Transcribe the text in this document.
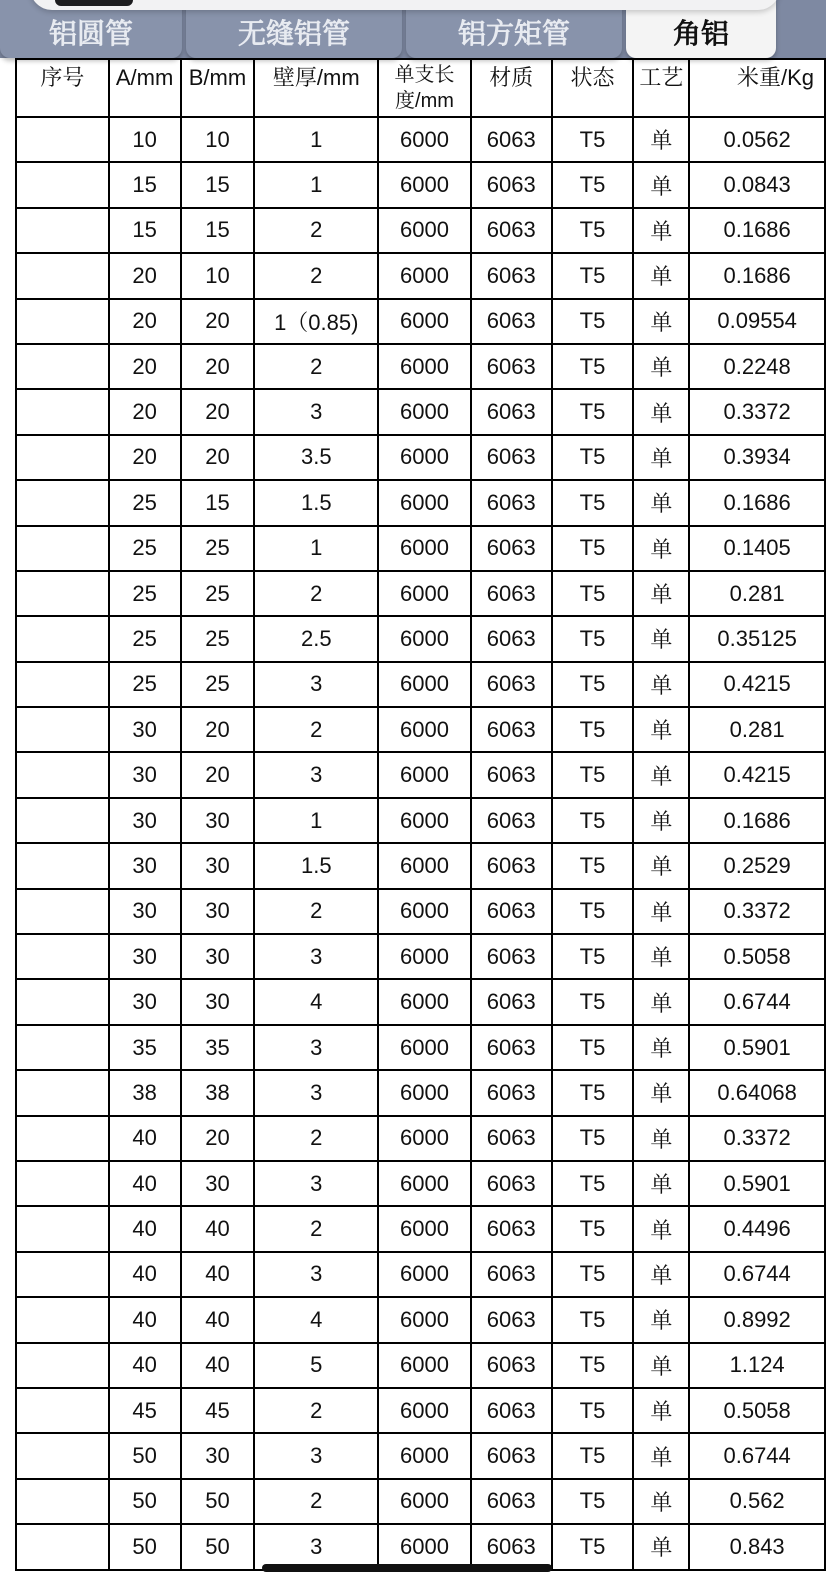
铝圆管	无缝铝管	铝方矩管	角铝
序号	A/mm	B/mm	壁厚/mm	单支长度/mm	材质	状态	工艺	米重/Kg
	10	10	1	6000	6063	T5	单	0.0562
	15	15	1	6000	6063	T5	单	0.0843
	15	15	2	6000	6063	T5	单	0.1686
	20	10	2	6000	6063	T5	单	0.1686
	20	20	1（0.85)	6000	6063	T5	单	0.09554
	20	20	2	6000	6063	T5	单	0.2248
	20	20	3	6000	6063	T5	单	0.3372
	20	20	3.5	6000	6063	T5	单	0.3934
	25	15	1.5	6000	6063	T5	单	0.1686
	25	25	1	6000	6063	T5	单	0.1405
	25	25	2	6000	6063	T5	单	0.281
	25	25	2.5	6000	6063	T5	单	0.35125
	25	25	3	6000	6063	T5	单	0.4215
	30	20	2	6000	6063	T5	单	0.281
	30	20	3	6000	6063	T5	单	0.4215
	30	30	1	6000	6063	T5	单	0.1686
	30	30	1.5	6000	6063	T5	单	0.2529
	30	30	2	6000	6063	T5	单	0.3372
	30	30	3	6000	6063	T5	单	0.5058
	30	30	4	6000	6063	T5	单	0.6744
	35	35	3	6000	6063	T5	单	0.5901
	38	38	3	6000	6063	T5	单	0.64068
	40	20	2	6000	6063	T5	单	0.3372
	40	30	3	6000	6063	T5	单	0.5901
	40	40	2	6000	6063	T5	单	0.4496
	40	40	3	6000	6063	T5	单	0.6744
	40	40	4	6000	6063	T5	单	0.8992
	40	40	5	6000	6063	T5	单	1.124
	45	45	2	6000	6063	T5	单	0.5058
	50	30	3	6000	6063	T5	单	0.6744
	50	50	2	6000	6063	T5	单	0.562
	50	50	3	6000	6063	T5	单	0.843
